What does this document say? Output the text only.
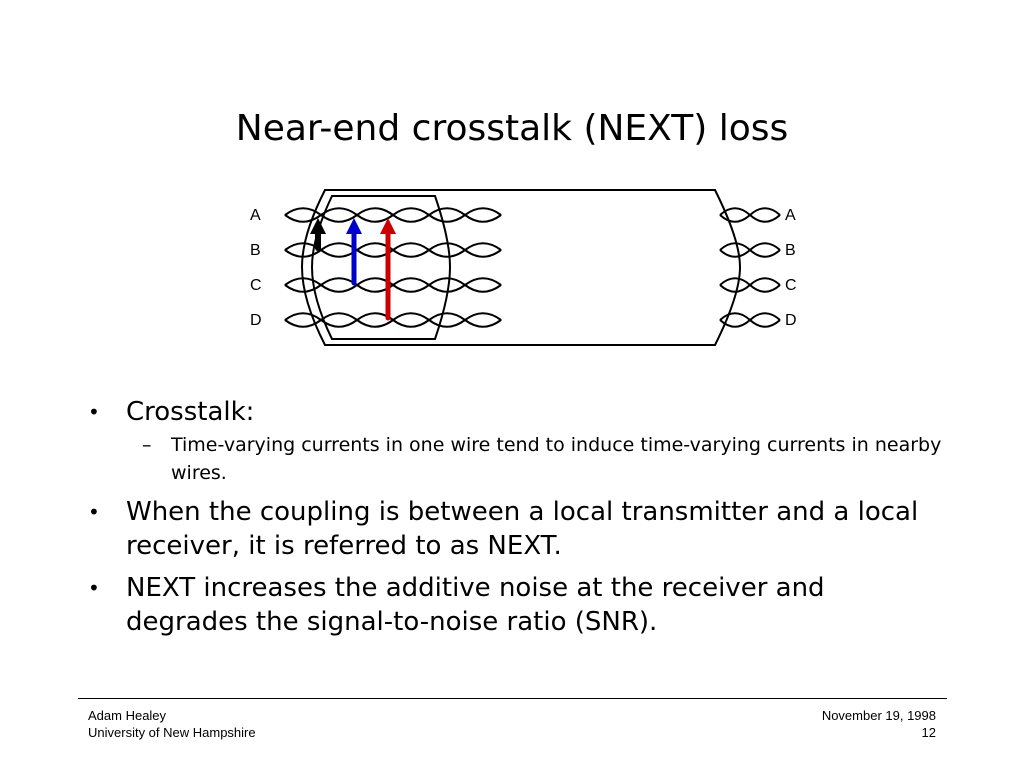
Near-end crosstalk (NEXT) loss
A
B
C
D
A
B
C
D
• Crosstalk:
– Time-varying currents in one wire tend to induce time-varying currents in nearby wires.
• When the coupling is between a local transmitter and a local receiver, it is referred to as NEXT.
• NEXT increases the additive noise at the receiver and degrades the signal-to-noise ratio (SNR).
Adam Healey
University of New Hampshire
November 19, 1998
12
